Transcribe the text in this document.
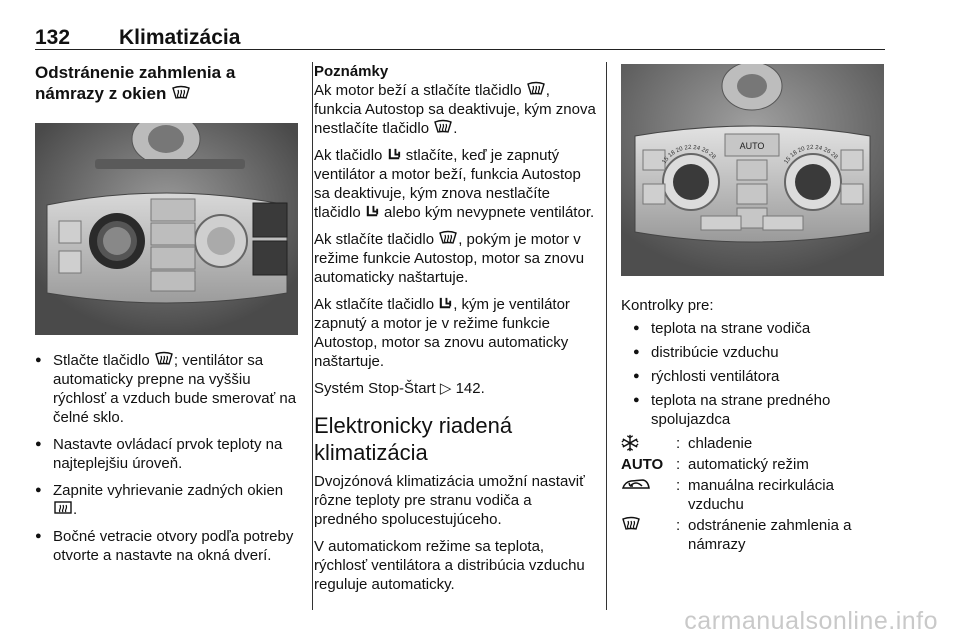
132 Klimatizácia
Odstránenie zahmlenia a
námrazy z okien
● Stlačte tlačidlo ; ventilátor sa automaticky prepne na vyššiu rýchlosť a vzduch bude smerovať na čelné sklo.
● Nastavte ovládací prvok teploty na najteplejšiu úroveň.
● Zapnite vyhrievanie zadných okien .
● Bočné vetracie otvory podľa potreby otvorte a nastavte na okná dverí.
Poznámky

Ak motor beží a stlačíte tlačidlo , funkcia Autostop sa deaktivuje, kým znova nestlačíte tlačidlo .

Ak tlačidlo  stlačíte, keď je zapnutý ventilátor a motor beží, funkcia Autostop sa deaktivuje, kým znova nestlačíte tlačidlo  alebo kým nevypnete ventilátor.

Ak stlačíte tlačidlo , pokým je motor v režime funkcie Autostop, motor sa znovu automaticky naštartuje.

Ak stlačíte tlačidlo , kým je ventilátor zapnutý a motor je v režime funkcie Autostop, motor sa znovu automaticky naštartuje.

Systém Stop-Štart ▷ 142.

Elektronicky riadená
klimatizácia

Dvojzónová klimatizácia umožní nastaviť rôzne teploty pre stranu vodiča a predného spolucestujúceho.

V automatickom režime sa teplota, rýchlosť ventilátora a distribúcia vzduchu reguluje automaticky.

AUTO
15 18 20 22 24 26 28
15 18 20 22 24 26 28
Kontrolky pre:
● teplota na strane vodiča
● distribúcie vzduchu
● rýchlosti ventilátora
● teplota na strane predného spolujazdca
: chladenie
AUTO : automatický režim
: manuálna recirkulácia vzduchu
: odstránenie zahmlenia a námrazy
carmanualsonline.info
